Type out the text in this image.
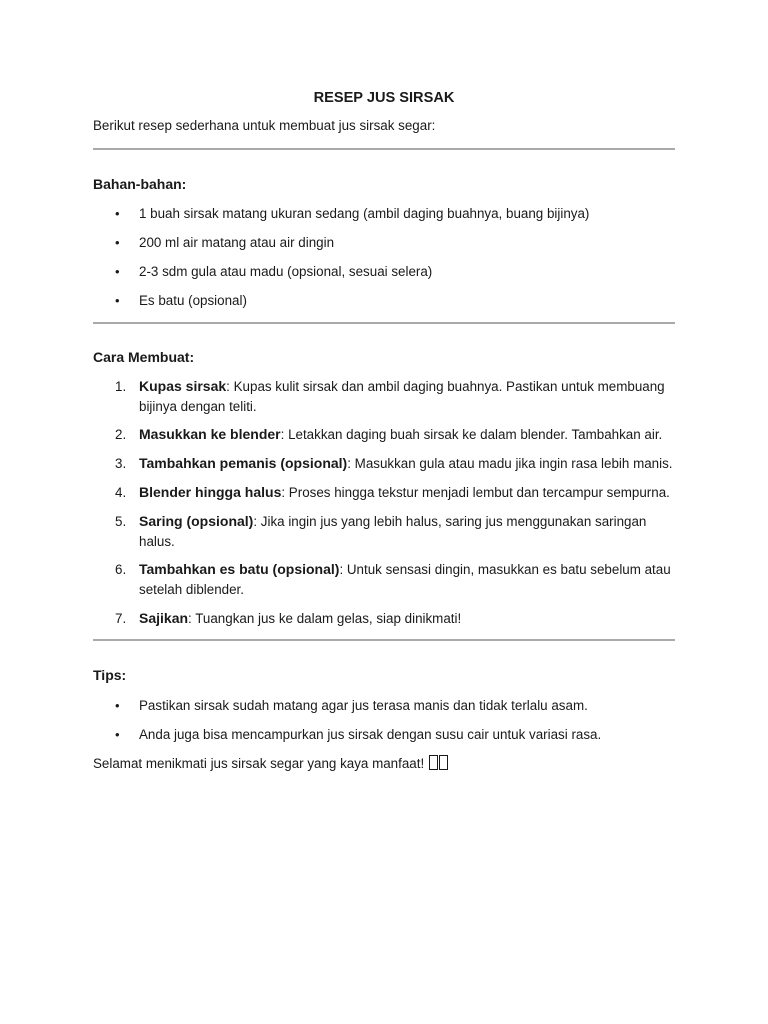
RESEP JUS SIRSAK

Berikut resep sederhana untuk membuat jus sirsak segar:

Bahan-bahan:

• 1 buah sirsak matang ukuran sedang (ambil daging buahnya, buang bijinya)
• 200 ml air matang atau air dingin
• 2-3 sdm gula atau madu (opsional, sesuai selera)
• Es batu (opsional)

Cara Membuat:

1. Kupas sirsak: Kupas kulit sirsak dan ambil daging buahnya. Pastikan untuk membuang bijinya dengan teliti.
2. Masukkan ke blender: Letakkan daging buah sirsak ke dalam blender. Tambahkan air.
3. Tambahkan pemanis (opsional): Masukkan gula atau madu jika ingin rasa lebih manis.
4. Blender hingga halus: Proses hingga tekstur menjadi lembut dan tercampur sempurna.
5. Saring (opsional): Jika ingin jus yang lebih halus, saring jus menggunakan saringan halus.
6. Tambahkan es batu (opsional): Untuk sensasi dingin, masukkan es batu sebelum atau setelah diblender.
7. Sajikan: Tuangkan jus ke dalam gelas, siap dinikmati!

Tips:

• Pastikan sirsak sudah matang agar jus terasa manis dan tidak terlalu asam.
• Anda juga bisa mencampurkan jus sirsak dengan susu cair untuk variasi rasa.

Selamat menikmati jus sirsak segar yang kaya manfaat!
